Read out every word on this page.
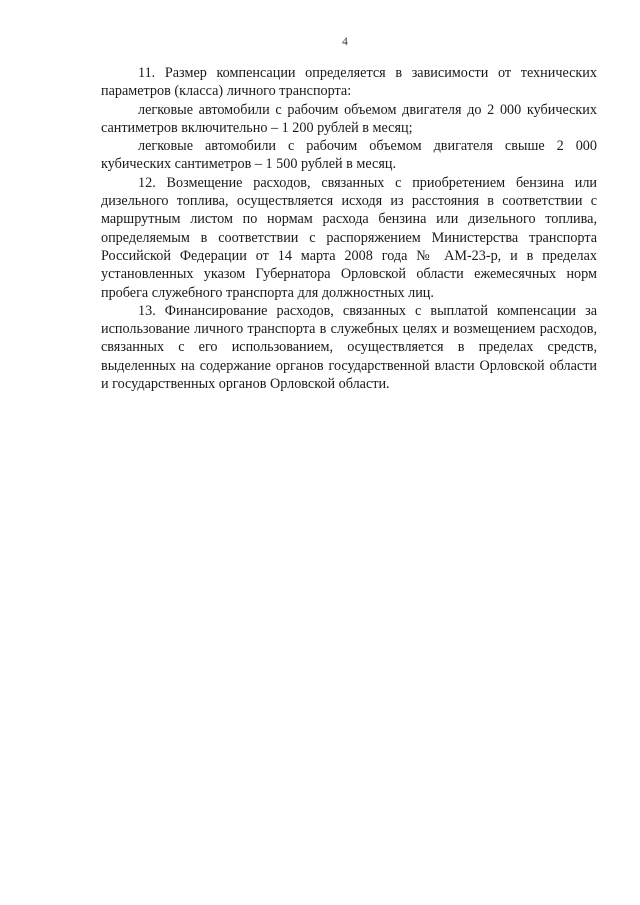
4

11. Размер компенсации определяется в зависимости от технических параметров (класса) личного транспорта:

легковые автомобили с рабочим объемом двигателя до 2 000 кубических сантиметров включительно – 1 200 рублей в месяц;

легковые автомобили с рабочим объемом двигателя свыше 2 000 кубических сантиметров – 1 500 рублей в месяц.

12. Возмещение расходов, связанных с приобретением бензина или дизельного топлива, осуществляется исходя из расстояния в соответствии с маршрутным листом по нормам расхода бензина или дизельного топлива, определяемым в соответствии с распоряжением Министерства транспорта Российской Федерации от 14 марта 2008 года № АМ-23-р, и в пределах установленных указом Губернатора Орловской области ежемесячных норм пробега служебного транспорта для должностных лиц.

13. Финансирование расходов, связанных с выплатой компенсации за использование личного транспорта в служебных целях и возмещением расходов, связанных с его использованием, осуществляется в пределах средств, выделенных на содержание органов государственной власти Орловской области и государственных органов Орловской области.
